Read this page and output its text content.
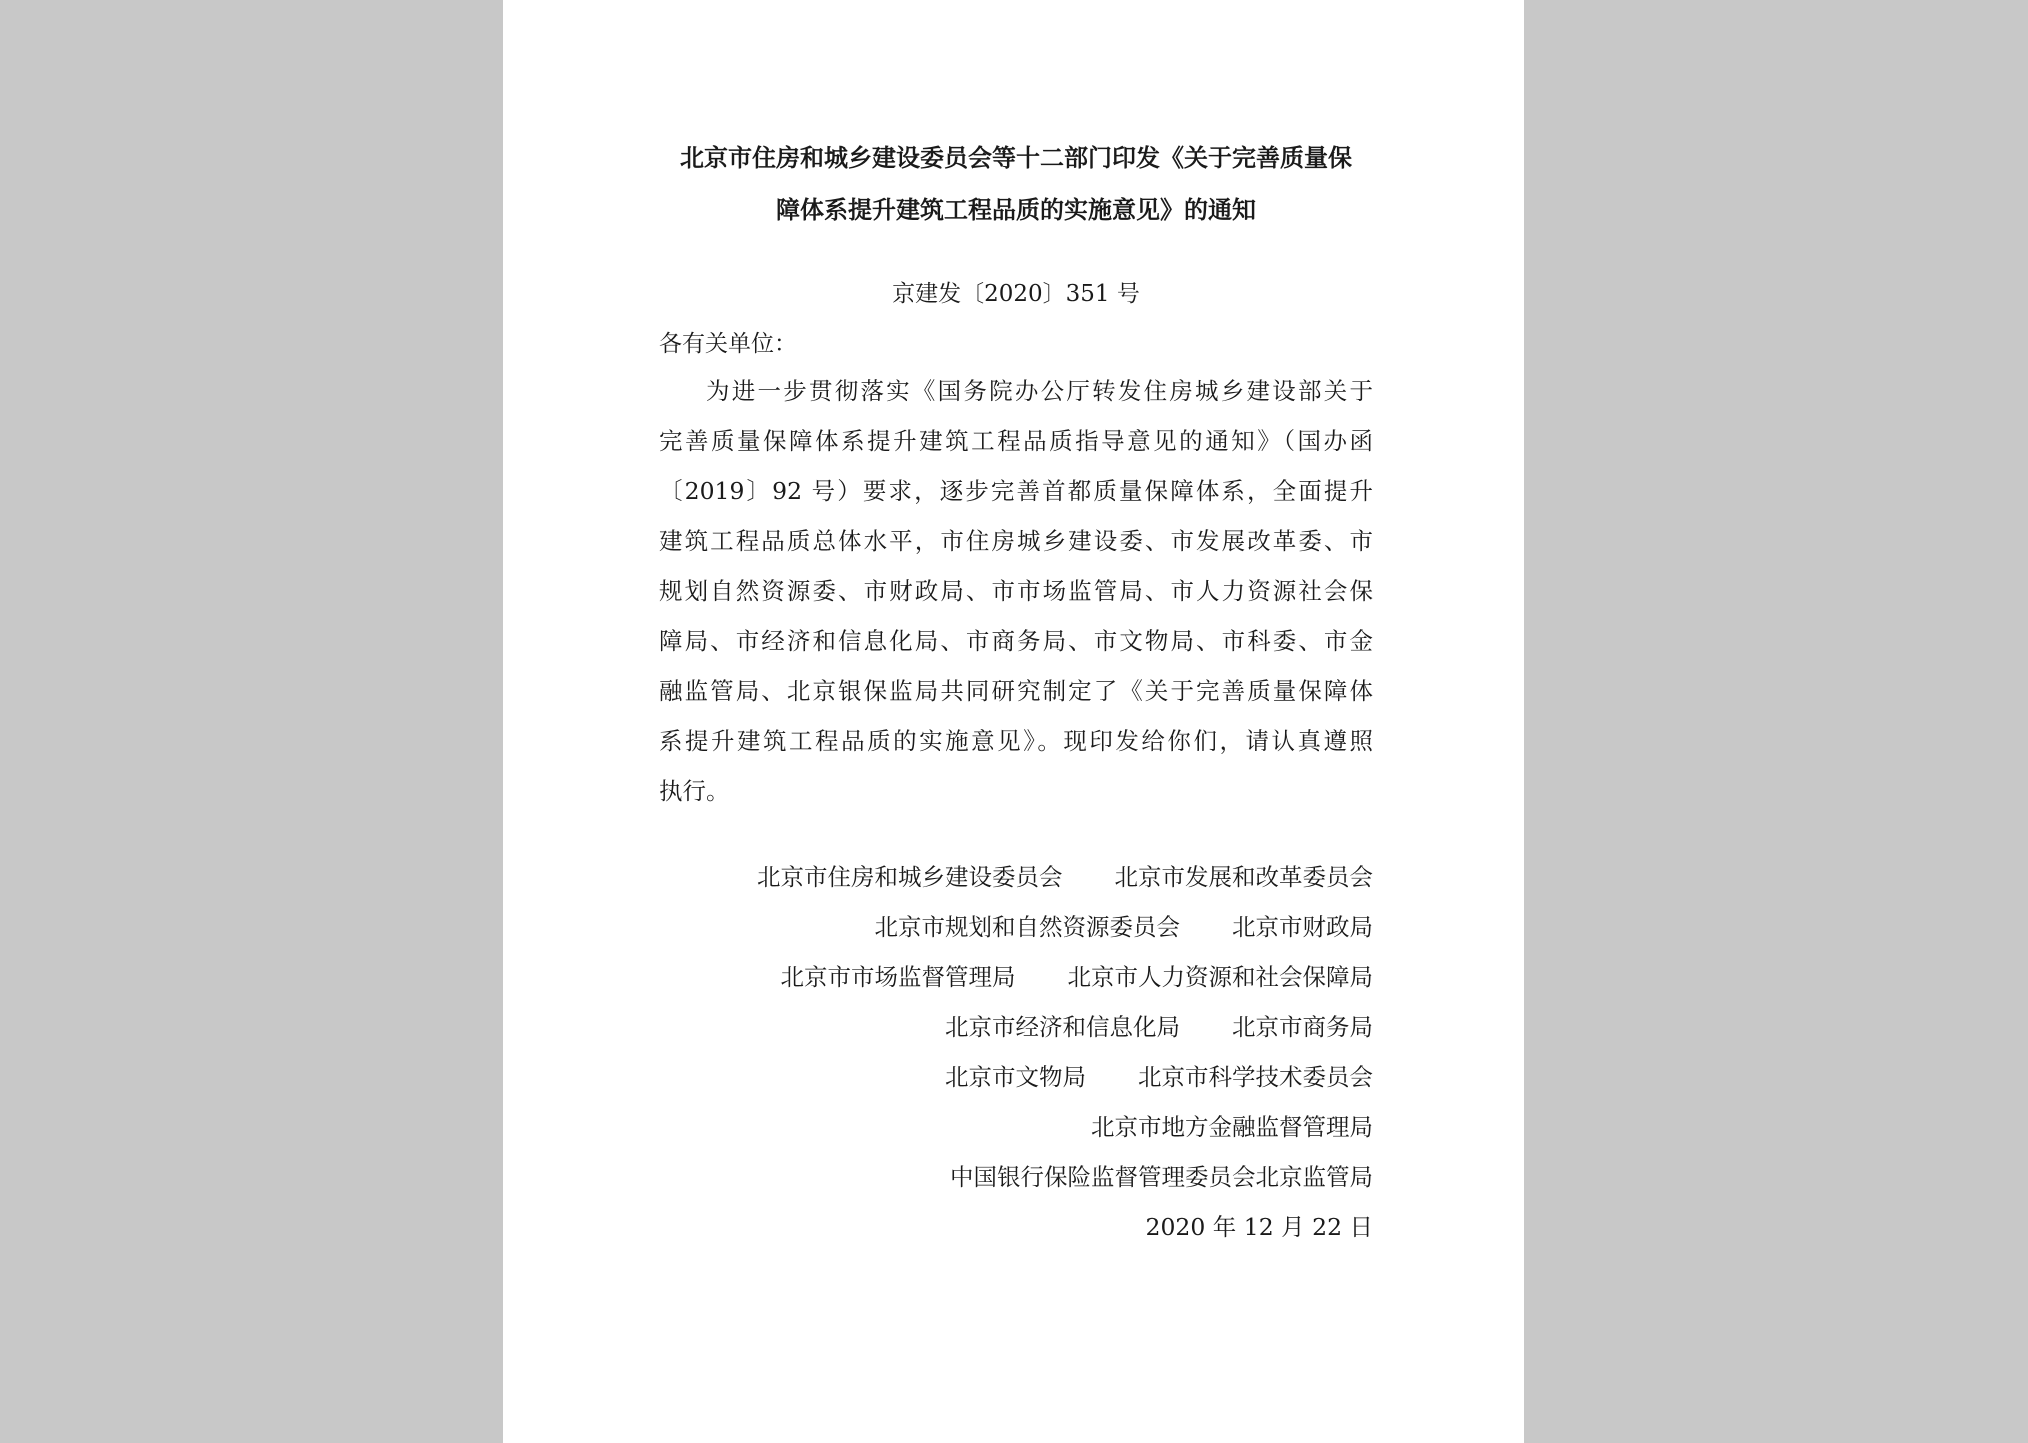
北京市住房和城乡建设委员会等十二部门印发《关于完善质量保
障体系提升建筑工程品质的实施意见》的通知
京建发〔2020〕351 号
各有关单位：
为进一步贯彻落实《国务院办公厅转发住房城乡建设部关于
完善质量保障体系提升建筑工程品质指导意见的通知》（国办函
〔2019〕92 号）要求，逐步完善首都质量保障体系，全面提升
建筑工程品质总体水平，市住房城乡建设委、市发展改革委、市
规划自然资源委、市财政局、市市场监管局、市人力资源社会保
障局、市经济和信息化局、市商务局、市文物局、市科委、市金
融监管局、北京银保监局共同研究制定了《关于完善质量保障体
系提升建筑工程品质的实施意见》。现印发给你们，请认真遵照
执行。
北京市住房和城乡建设委员会 北京市发展和改革委员会
北京市规划和自然资源委员会 北京市财政局
北京市市场监督管理局 北京市人力资源和社会保障局
北京市经济和信息化局 北京市商务局
北京市文物局 北京市科学技术委员会
北京市地方金融监督管理局
中国银行保险监督管理委员会北京监管局
2020 年 12 月 22 日
